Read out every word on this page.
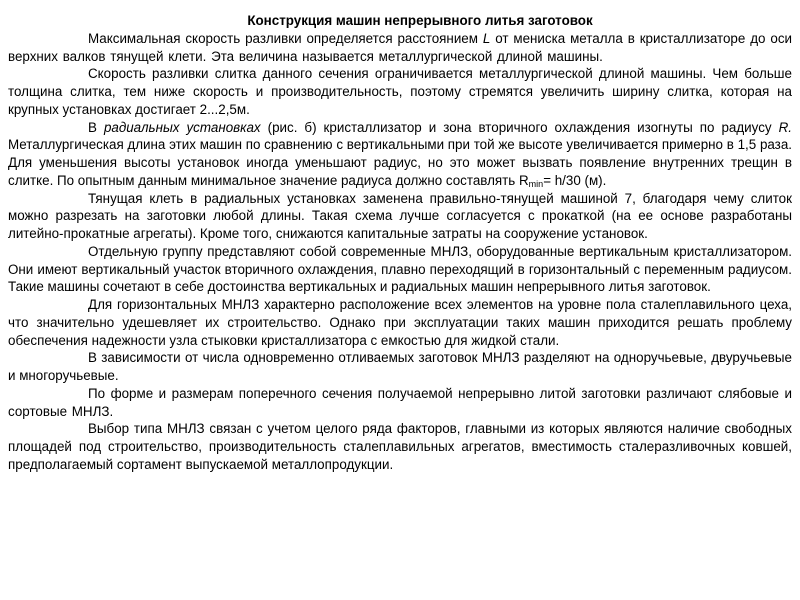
Конструкция машин непрерывного литья заготовок

Максимальная скорость разливки определяется расстоянием L от мениска металла в кристаллизаторе до оси верхних валков тянущей клети. Эта величина называется металлургической длиной машины.

Скорость разливки слитка данного сечения ограничивается металлургической длиной машины. Чем больше толщина слитка, тем ниже скорость и производительность, поэтому стремятся увеличить ширину слитка, которая на крупных установках достигает 2...2,5м.

В радиальных установках (рис. б) кристаллизатор и зона вторичного охлаждения изогнуты по радиусу R. Металлургическая длина этих машин по сравнению с вертикальными при той же высоте увеличивается примерно в 1,5 раза. Для уменьшения высоты установок иногда уменьшают радиус, но это может вызвать появление внутренних трещин в слитке. По опытным данным минимальное значение радиуса должно составлять $R_{min}= h/30$ (м).

Тянущая клеть в радиальных установках заменена правильно-тянущей машиной 7, благодаря чему слиток можно разрезать на заготовки любой длины. Такая схема лучше согласуется с прокаткой (на ее основе разработаны литейно-прокатные агрегаты). Кроме того, снижаются капитальные затраты на сооружение установок.

Отдельную группу представляют собой современные МНЛЗ, оборудованные вертикальным кристаллизатором. Они имеют вертикальный участок вторичного охлаждения, плавно переходящий в горизонтальный с переменным радиусом. Такие машины сочетают в себе достоинства вертикальных и радиальных машин непрерывного литья заготовок.

Для горизонтальных МНЛЗ характерно расположение всех элементов на уровне пола сталеплавильного цеха, что значительно удешевляет их строительство. Однако при эксплуатации таких машин приходится решать проблему обеспечения надежности узла стыковки кристаллизатора с емкостью для жидкой стали.

В зависимости от числа одновременно отливаемых заготовок МНЛЗ разделяют на одноручьевые, двуручьевые и многоручьевые.

По форме и размерам поперечного сечения получаемой непрерывно литой заготовки различают слябовые и сортовые МНЛЗ.

Выбор типа МНЛЗ связан с учетом целого ряда факторов, главными из которых являются наличие свободных площадей под строительство, производительность сталеплавильных агрегатов, вместимость сталеразливочных ковшей, предполагаемый сортамент выпускаемой металлопродукции.
